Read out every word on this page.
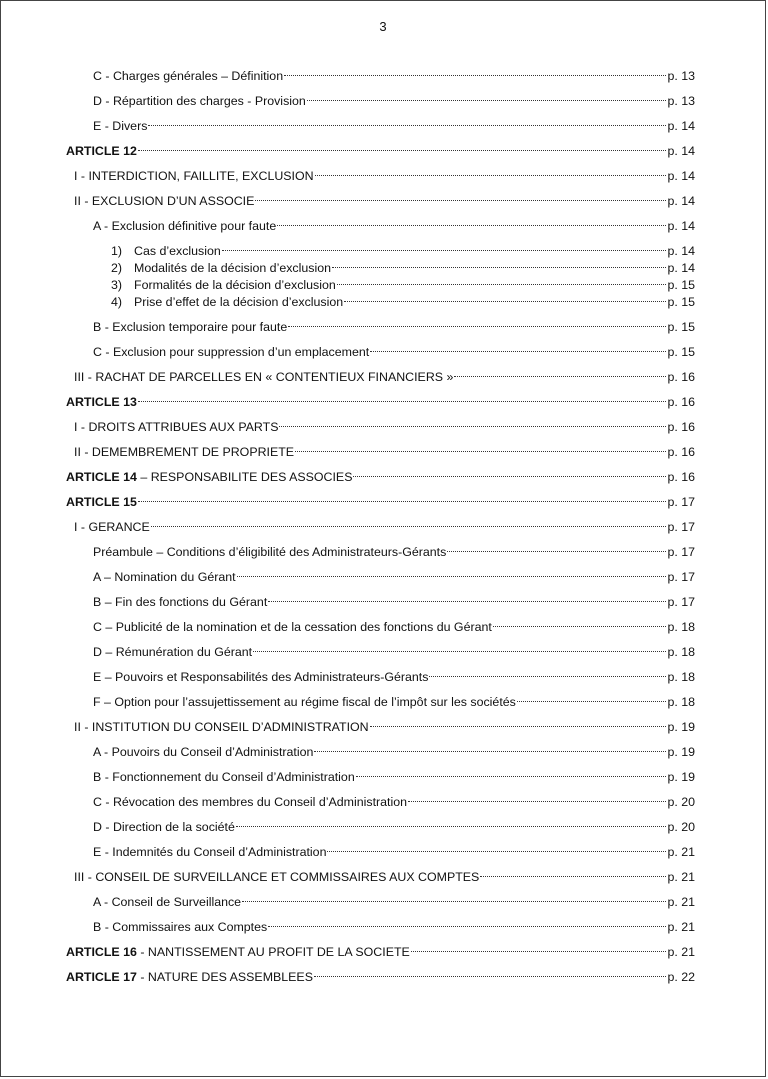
3
C - Charges générales – Définition	p. 13
D - Répartition des charges - Provision	p. 13
E - Divers	p. 14
ARTICLE 12	p. 14
I - INTERDICTION, FAILLITE, EXCLUSION	p. 14
II - EXCLUSION D’UN ASSOCIE	p. 14
A - Exclusion définitive pour faute	p. 14
1) Cas d’exclusion	p. 14
2) Modalités de la décision d’exclusion	p. 14
3) Formalités de la décision d’exclusion	p. 15
4) Prise d’effet de la décision d’exclusion	p. 15
B - Exclusion temporaire pour faute	p. 15
C - Exclusion pour suppression d’un emplacement	p. 15
III - RACHAT DE PARCELLES EN « CONTENTIEUX FINANCIERS »	p. 16
ARTICLE 13	p. 16
I - DROITS ATTRIBUES AUX PARTS	p. 16
II - DEMEMBREMENT DE PROPRIETE	p. 16
ARTICLE 14 – RESPONSABILITE DES ASSOCIES	p. 16
ARTICLE 15	p. 17
I - GERANCE	p. 17
Préambule – Conditions d’éligibilité des Administrateurs-Gérants	p. 17
A – Nomination du Gérant	p. 17
B – Fin des fonctions du Gérant	p. 17
C – Publicité de la nomination et de la cessation des fonctions du Gérant	p. 18
D – Rémunération du Gérant	p. 18
E – Pouvoirs et Responsabilités des Administrateurs-Gérants	p. 18
F – Option pour l’assujettissement au régime fiscal de l’impôt sur les sociétés	p. 18
II - INSTITUTION DU CONSEIL D’ADMINISTRATION	p. 19
A - Pouvoirs du Conseil d’Administration	p. 19
B - Fonctionnement du Conseil d’Administration	p. 19
C - Révocation des membres du Conseil d’Administration	p. 20
D - Direction de la société	p. 20
E - Indemnités du Conseil d’Administration	p. 21
III - CONSEIL DE SURVEILLANCE ET COMMISSAIRES AUX COMPTES	p. 21
A - Conseil de Surveillance	p. 21
B - Commissaires aux Comptes	p. 21
ARTICLE 16 - NANTISSEMENT AU PROFIT DE LA SOCIETE	p. 21
ARTICLE 17 - NATURE DES ASSEMBLEES	p. 22
